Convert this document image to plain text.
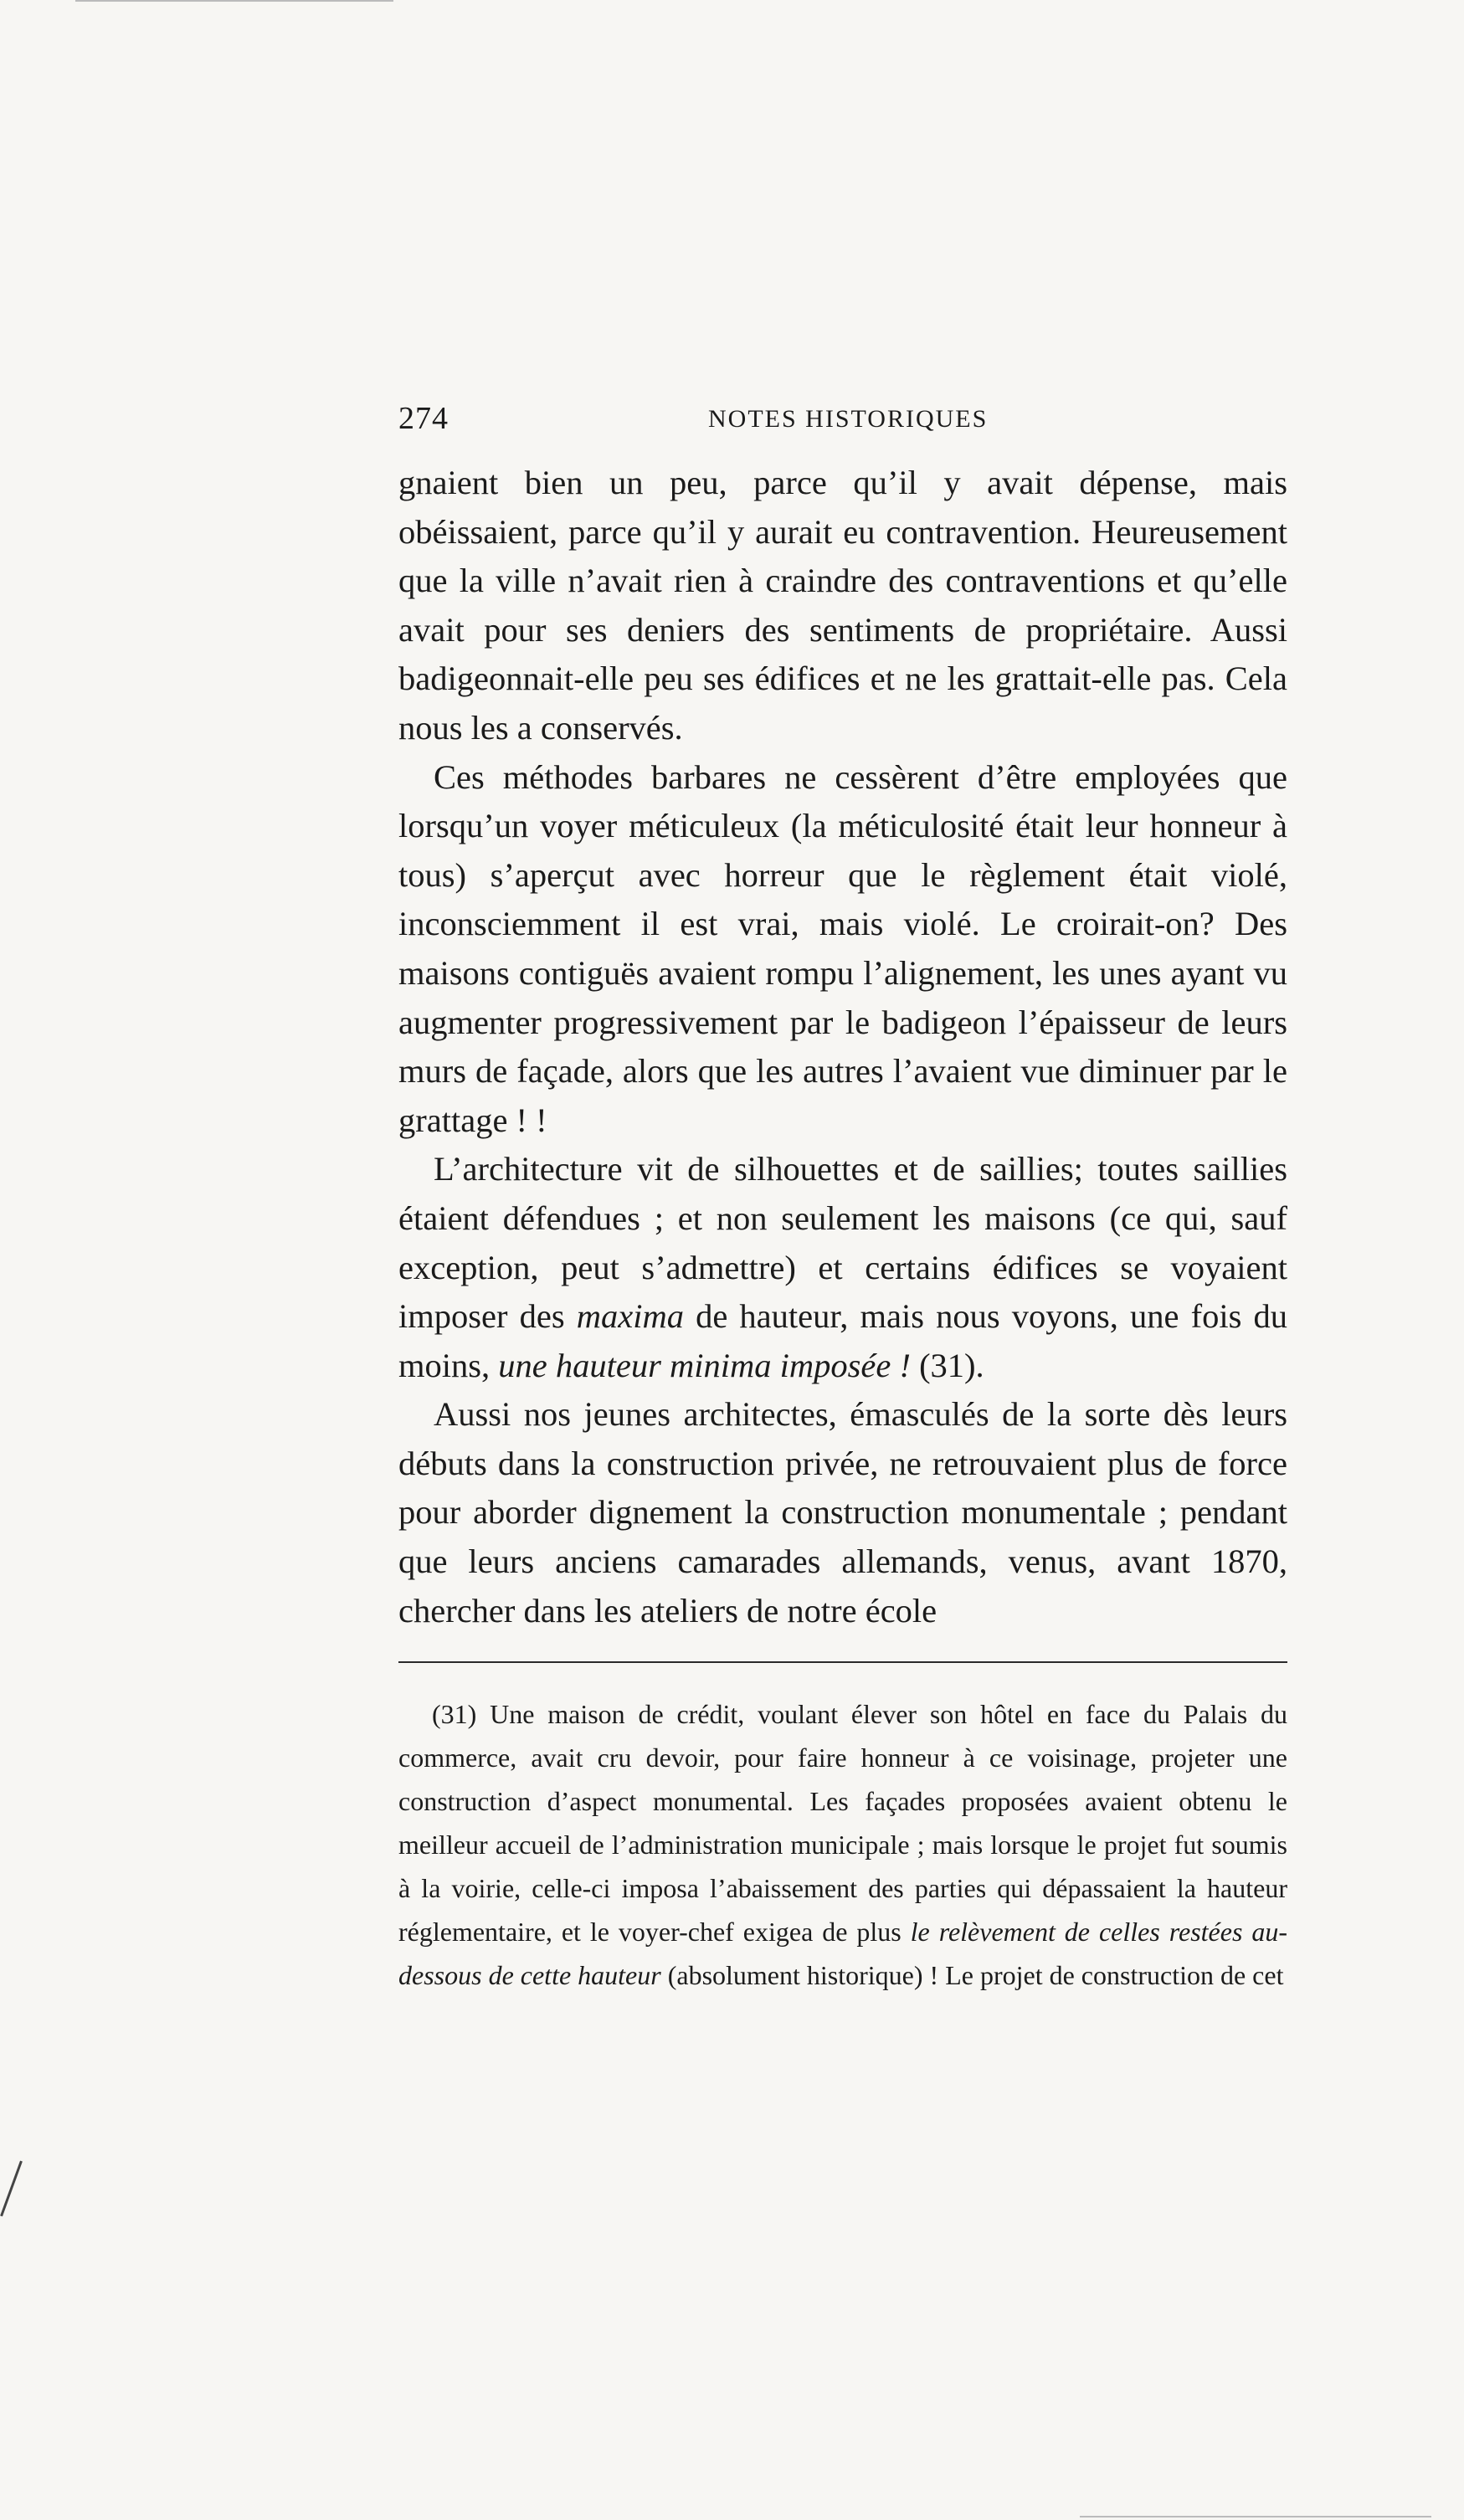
274	NOTES HISTORIQUES

gnaient bien un peu, parce qu’il y avait dépense, mais obéissaient, parce qu’il y aurait eu contravention. Heureusement que la ville n’avait rien à craindre des contraventions et qu’elle avait pour ses deniers des sentiments de propriétaire. Aussi badigeonnait-elle peu ses édifices et ne les grattait-elle pas. Cela nous les a conservés.

Ces méthodes barbares ne cessèrent d’être employées que lorsqu’un voyer méticuleux (la méticulosité était leur honneur à tous) s’aperçut avec horreur que le règlement était violé, inconsciemment il est vrai, mais violé. Le croirait-on? Des maisons contiguës avaient rompu l’alignement, les unes ayant vu augmenter progressivement par le badigeon l’épaisseur de leurs murs de façade, alors que les autres l’avaient vue diminuer par le grattage ! !

L’architecture vit de silhouettes et de saillies; toutes saillies étaient défendues ; et non seulement les maisons (ce qui, sauf exception, peut s’admettre) et certains édifices se voyaient imposer des maxima de hauteur, mais nous voyons, une fois du moins, une hauteur minima imposée ! (31).

Aussi nos jeunes architectes, émasculés de la sorte dès leurs débuts dans la construction privée, ne retrouvaient plus de force pour aborder dignement la construction monumentale ; pendant que leurs anciens camarades allemands, venus, avant 1870, chercher dans les ateliers de notre école

(31) Une maison de crédit, voulant élever son hôtel en face du Palais du commerce, avait cru devoir, pour faire honneur à ce voisinage, projeter une construction d’aspect monumental. Les façades proposées avaient obtenu le meilleur accueil de l’administration municipale ; mais lorsque le projet fut soumis à la voirie, celle-ci imposa l’abaissement des parties qui dépassaient la hauteur réglementaire, et le voyer-chef exigea de plus le relèvement de celles restées au-dessous de cette hauteur (absolument historique) ! Le projet de construction de cet
